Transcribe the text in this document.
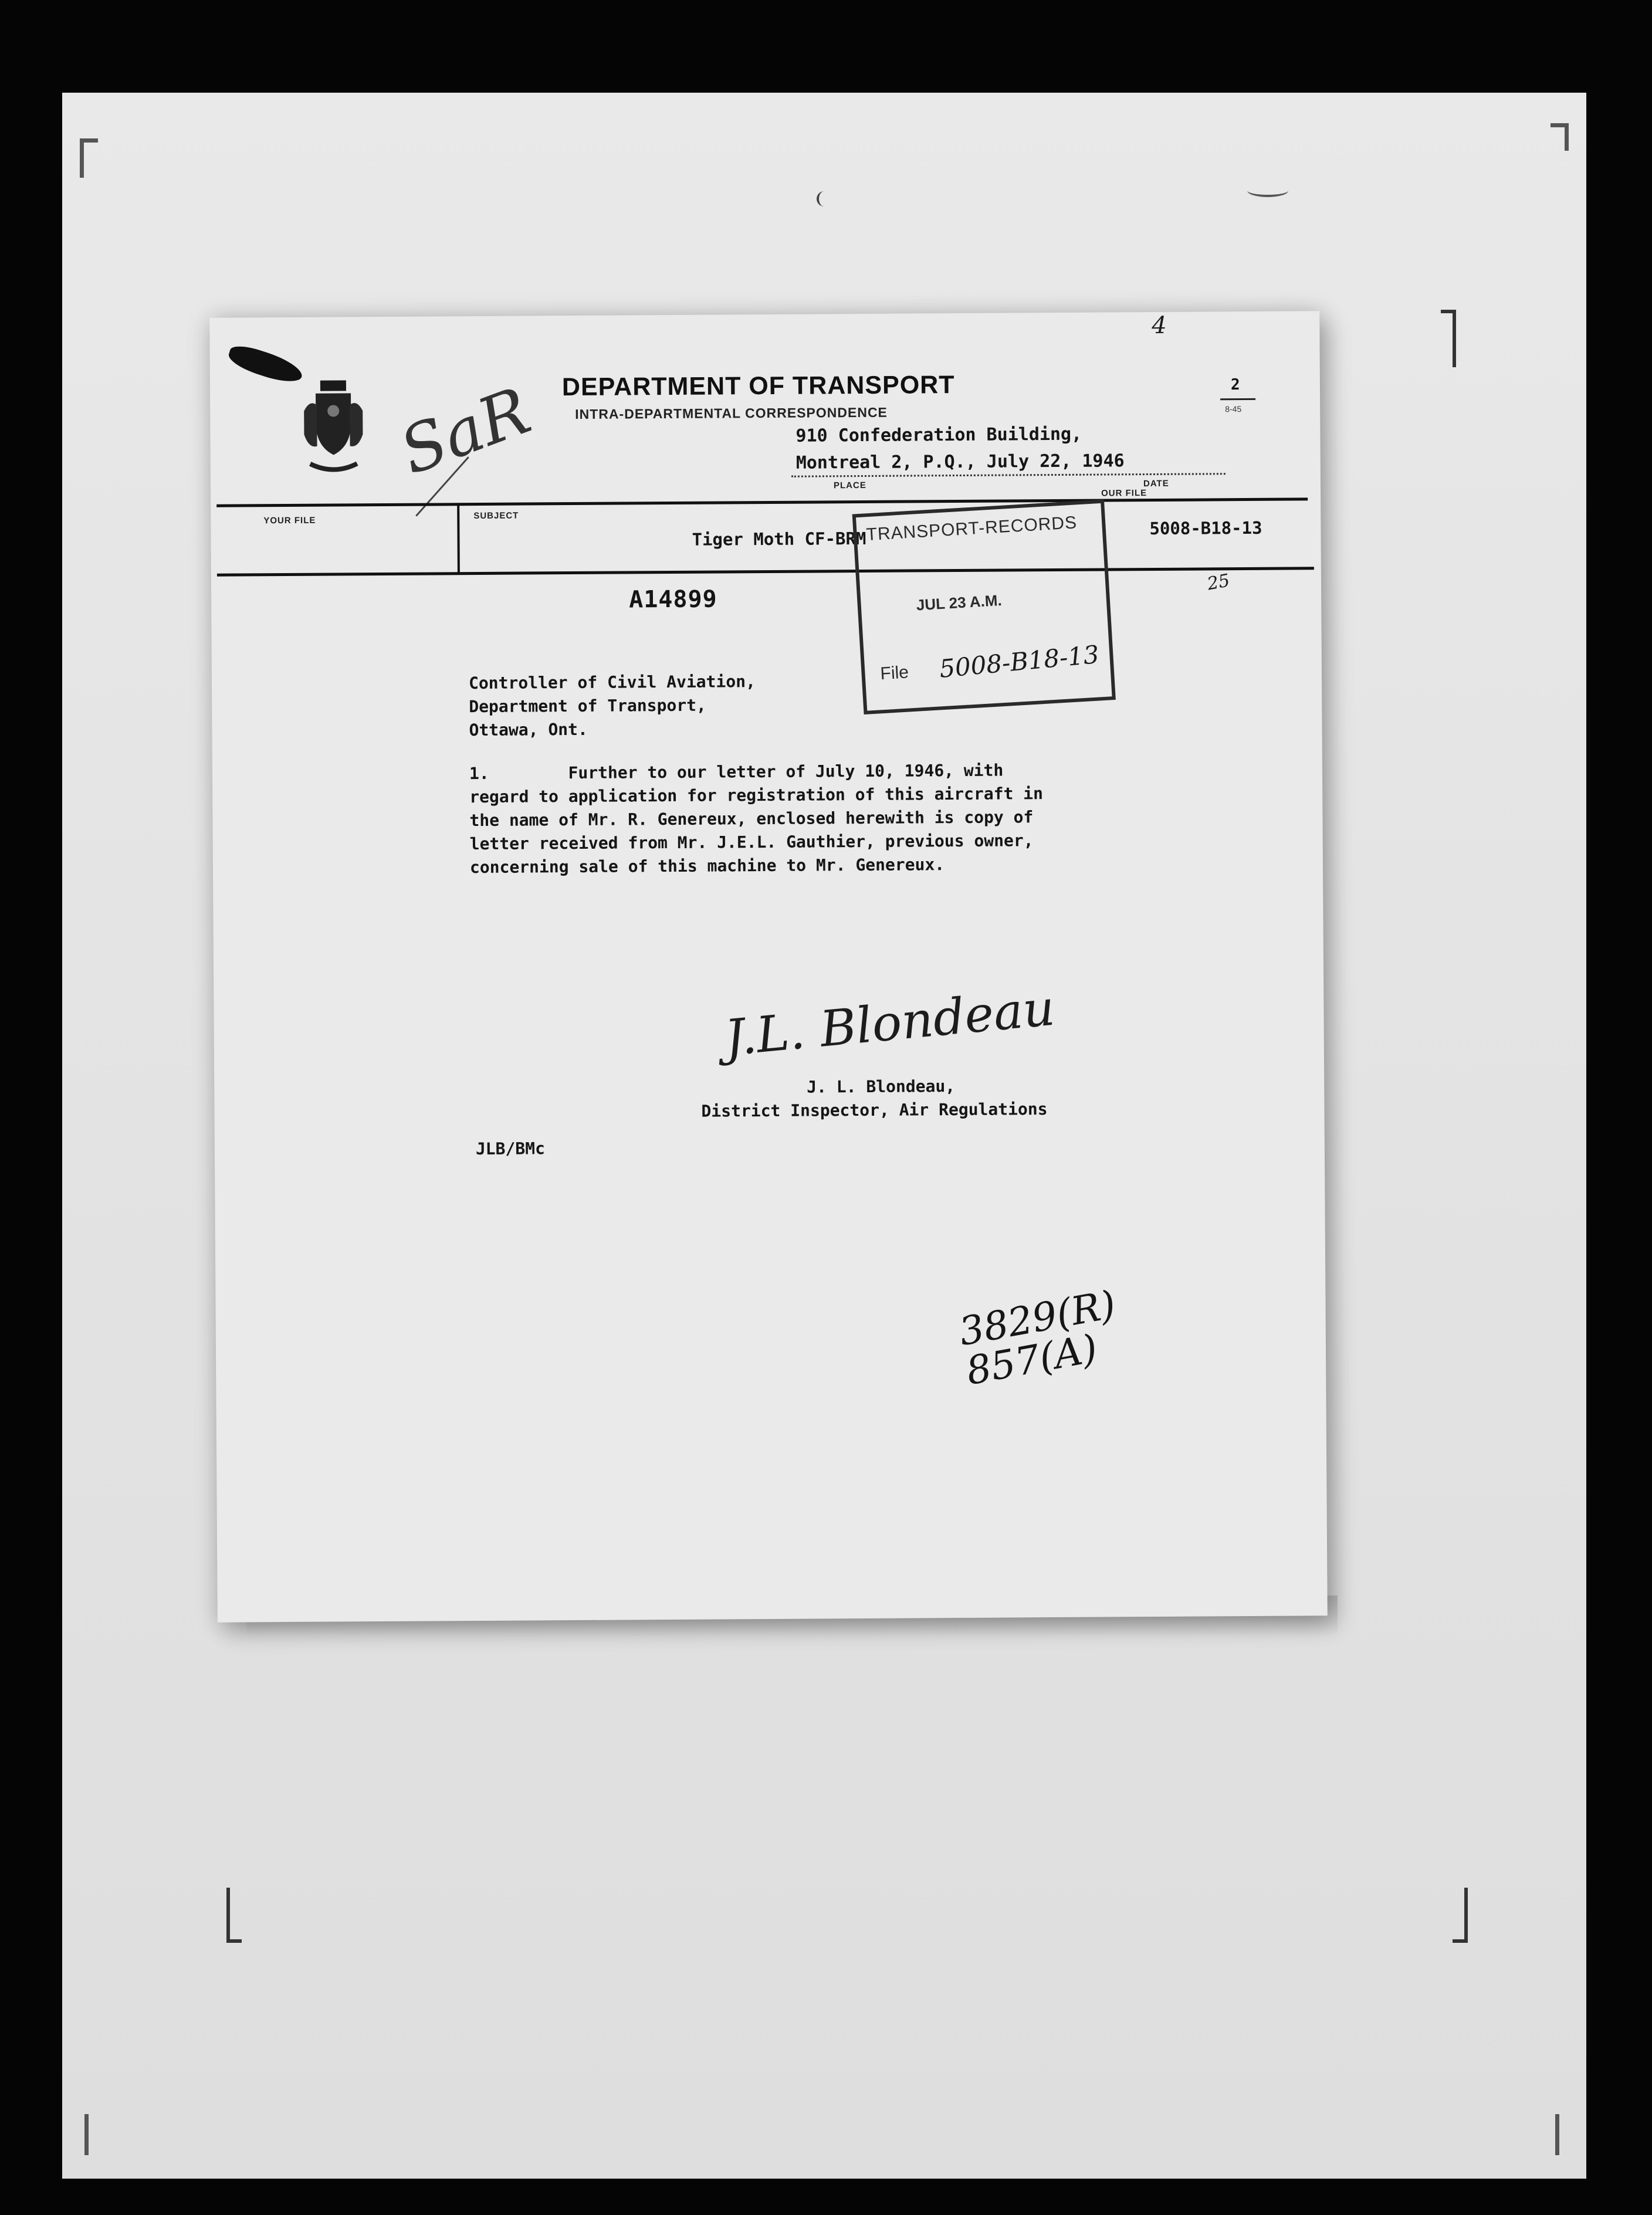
SaR DEPARTMENT OF TRANSPORT
INTRA-DEPARTMENTAL CORRESPONDENCE
2
8-45
4
910 Confederation Building,
Montreal 2, P.Q., July 22, 1946
PLACE	DATE
OUR FILE
YOUR FILE	SUBJECT
Tiger Moth CF-BRM
5008-B18-13
TRANSPORT-RECORDS
JUL 23 A.M.
File 5008-B18-13
25
A14899
Controller of Civil Aviation,
Department of Transport,
Ottawa, Ont.
1.        Further to our letter of July 10, 1946, with
regard to application for registration of this aircraft in
the name of Mr. R. Genereux, enclosed herewith is copy of
letter received from Mr. J.E.L. Gauthier, previous owner,
concerning sale of this machine to Mr. Genereux.
J.L. Blondeau
J. L. Blondeau,
District Inspector, Air Regulations
JLB/BMc
3829(R)
857(A)
